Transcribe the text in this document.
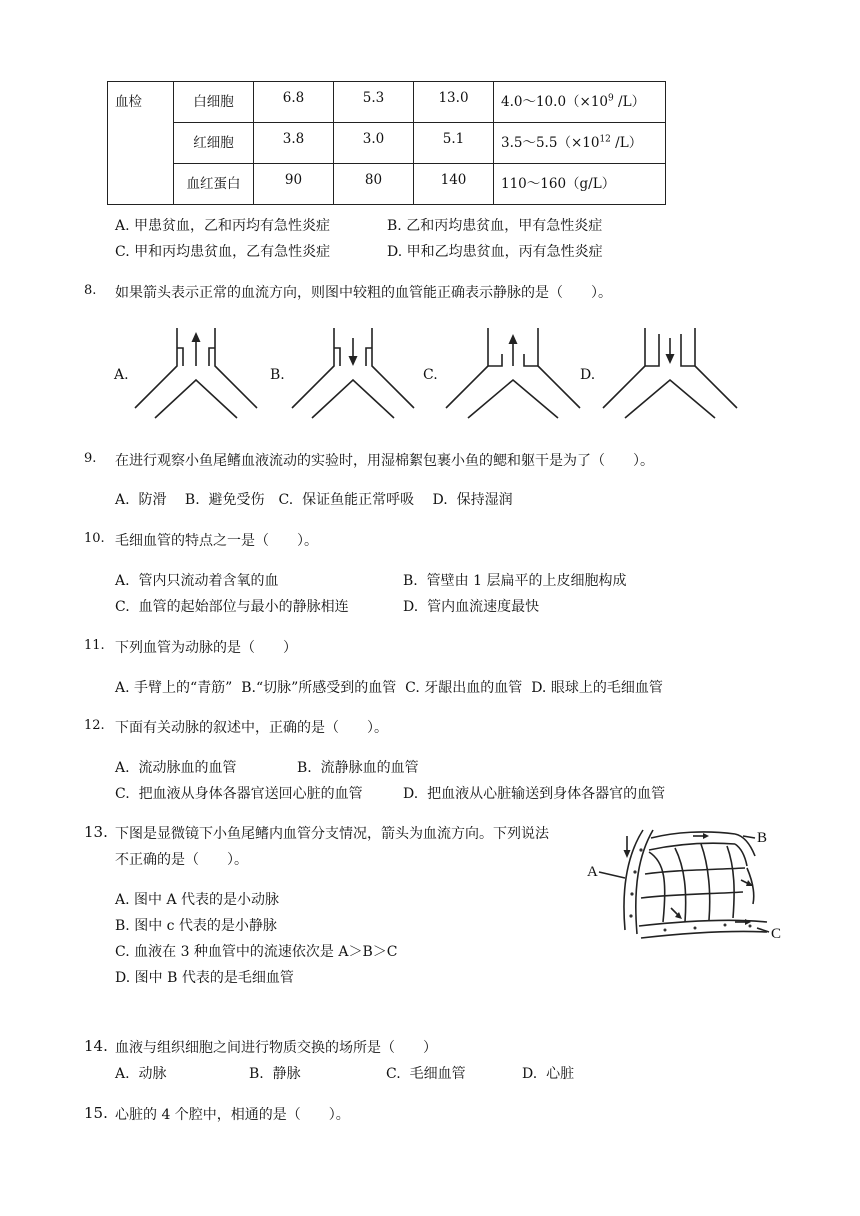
血检	白细胞	6.8	5.3	13.0	$4.0\sim 10.0(\times 10^9$ /L）
	红细胞	3.8	3.0	5.1	$3.5\sim 5.5(\times 10^{12}$ /L）
	血红蛋白	90	80	140	110～160（g/L）
A. 甲患贫血，乙和丙均有急性炎症	B. 乙和丙均患贫血，甲有急性炎症
C. 甲和丙均患贫血，乙有急性炎症	D. 甲和乙均患贫血，丙有急性炎症
8. 如果箭头表示正常的血流方向，则图中较粗的血管能正确表示静脉的是（　　）。
A.	B.	C.	D.
9. 在进行观察小鱼尾鳍血液流动的实验时，用湿棉絮包裹小鱼的鳃和躯干是为了（　　）。
A.  防滑　 B.  避免受伤　C.  保证鱼能正常呼吸　 D.  保持湿润
10. 毛细血管的特点之一是（　　）。
A.  管内只流动着含氧的血	B.  管壁由 1 层扁平的上皮细胞构成
C.  血管的起始部位与最小的静脉相连	D.  管内血流速度最快
11. 下列血管为动脉的是（　　）
A. 手臂上的“青筋”  B.“切脉”所感受到的血管  C. 牙龈出血的血管  D. 眼球上的毛细血管
12. 下面有关动脉的叙述中，正确的是（　　）。
A.  流动脉血的血管	B.  流静脉血的血管
C.  把血液从身体各器官送回心脏的血管	D.  把血液从心脏输送到身体各器官的血管
13. 下图是显微镜下小鱼尾鳍内血管分支情况，箭头为血流方向。下列说法
不正确的是（　　）。
A. 图中 A 代表的是小动脉
B. 图中 c 代表的是小静脉
C. 血液在 3 种血管中的流速依次是 A＞B＞C
D. 图中 B 代表的是毛细血管
A
B
C
14. 血液与组织细胞之间进行物质交换的场所是（　　）
A.  动脉	B.  静脉	C.  毛细血管	D.  心脏
15. 心脏的 4 个腔中，相通的是（　　）。
